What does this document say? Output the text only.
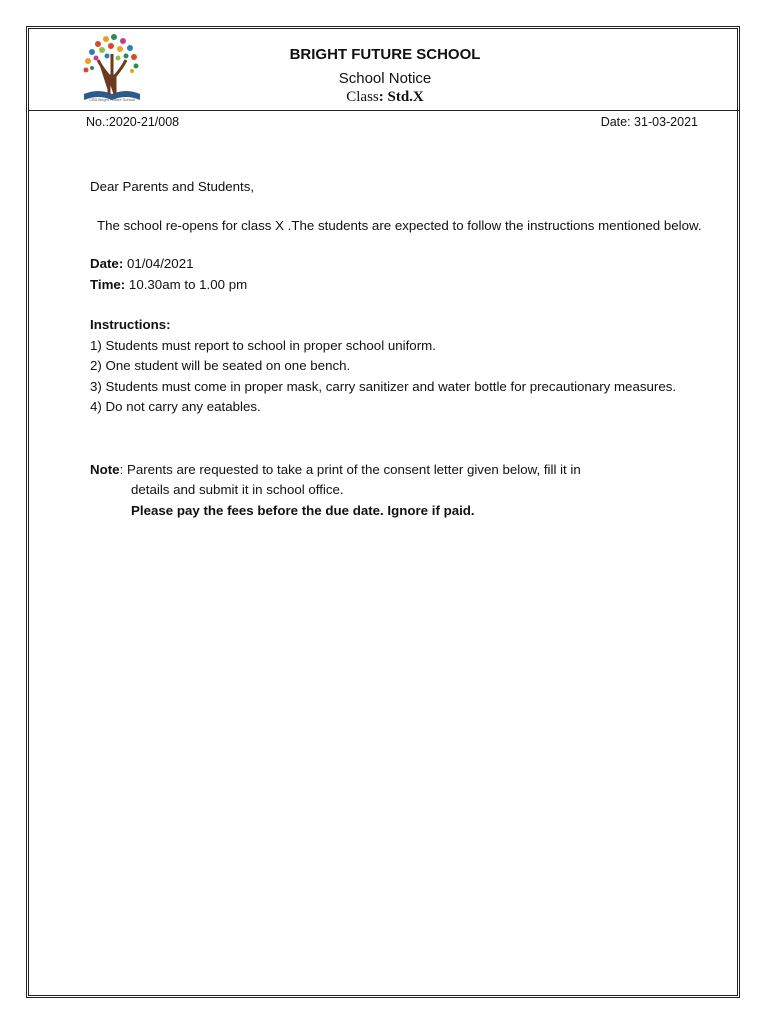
CBS Bright Future School
BRIGHT FUTURE SCHOOL
School Notice
Class: Std.X
No.:2020-21/008	Date: 31-03-2021

Dear Parents and Students,

The school re-opens for class X .The students are expected to follow the instructions mentioned below.

Date: 01/04/2021

Time: 10.30am to 1.00 pm

Instructions:

1) Students must report to school in proper school uniform.

2) One student will be seated on one bench.

3) Students must come in proper mask, carry sanitizer and water bottle for precautionary measures.

4) Do not carry any eatables.

Note: Parents are requested to take a print of the consent letter given below, fill it in

details and submit it in school office.

Please pay the fees before the due date. Ignore if paid.
